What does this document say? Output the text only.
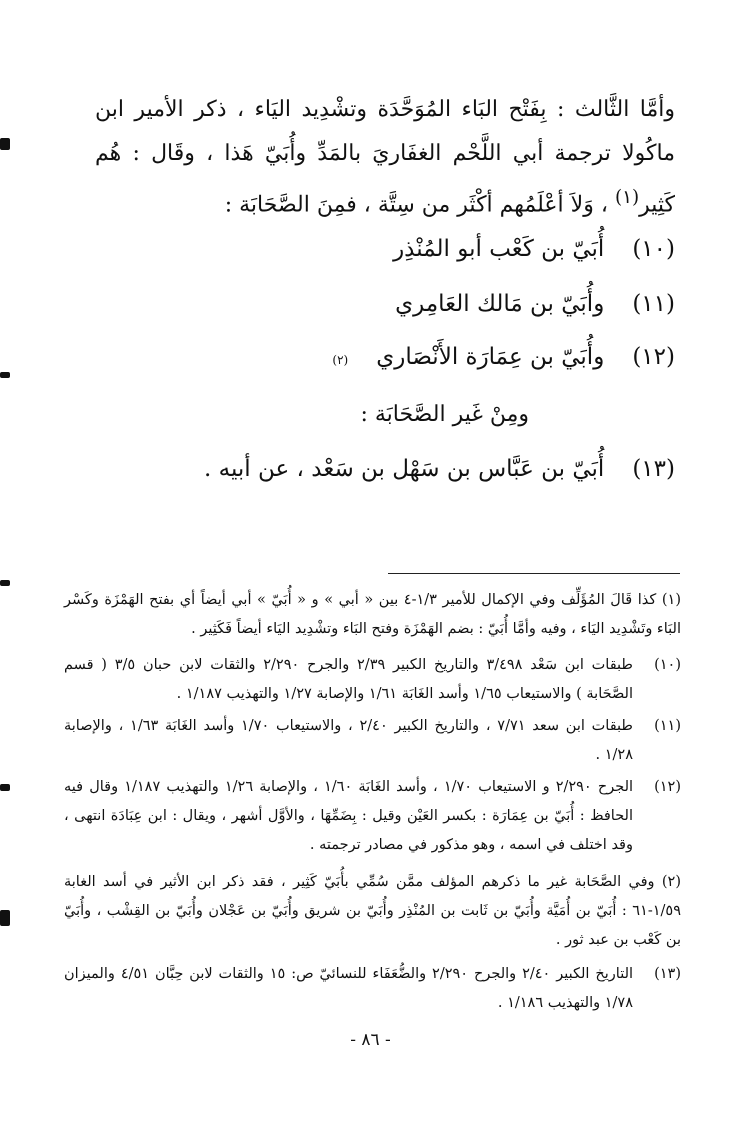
وأمَّا الثَّالث : بِفَتْح البَاء المُوَحَّدَة وتشْدِيد اليَاء ، ذكر الأمير ابن ماكُولا ترجمة أبي اللَّحْم الغفَاريَ بالمَدِّ وأُبَيّ هَذا ، وقَال : هُم كَثِير$^{(١)}$ ، وَلاَ أعْلَمُهم أكْثَر من سِتَّة ، فمِنَ الصَّحَابَة :
(١٠)
أُبَيّ بن كَعْب أبو المُنْذِر
(١١)
وأُبَيّ بن مَالك العَامِري
(١٢)
وأُبَيّ بن عِمَارَة الأَنْصَاري
(٢)
ومِنْ غَير الصَّحَابَة :
(١٣)
أُبَيّ بن عَبَّاس بن سَهْل بن سَعْد ، عن أبيه .
(١) كذا قَالَ المُؤَلِّف وفي الإكمال للأمير ١/٣-٤ بين « أبي » و « أُبَيّ » أبي أيضاً أي بفتح الهَمْزَة وكَسْر البَاء وتَشْدِيد اليَاء ، وفيه وأمَّا أُبَيّ : بضم الهَمْزَة وفتح البَاء وتشْدِيد اليَاء أيضاً فَكَثِير .
(١٠)
طبقات ابن سَعْد ٣/٤٩٨ والتاريخ الكبير ٢/٣٩ والجرح ٢/٢٩٠ والثقات لابن حبان ٣/٥ ( قسم الصَّحَابة ) والاستيعاب ١/٦٥ وأسد الغَابَة ١/٦١ والإصابة ١/٢٧ والتهذيب ١/١٨٧ .
(١١)
طبقات ابن سعد ٧/٧١ ، والتاريخ الكبير ٢/٤٠ ، والاستيعاب ١/٧٠ وأسد الغَابَة ١/٦٣ ، والإصابة ١/٢٨ .
(١٢)
الجرح ٢/٢٩٠ و الاستيعاب ١/٧٠ ، وأسد الغَابَة ١/٦٠ ، والإصابة ١/٢٦ والتهذيب ١/١٨٧ وقال فيه الحافظ : أُبَيّ بن عِمَارَة : بكسر العَيْن وقيل : بِضَمِّهَا ، والأوَّل أشهر ، ويقال : ابن عِبَادَة انتهى ، وقد اختلف في اسمه ، وهو مذكور في مصادر ترجمته .
(٢) وفي الصَّحَابة غير ما ذكرهم المؤلف ممَّن سُمِّي بأُبَيّ كَثِير ، فقد ذكر ابن الأثير في أسد الغابة ١/٥٩-٦١ : أُبَيّ بن أُمَيَّة وأُبَيّ بن ثَابت بن المُنْذِر وأُبَيّ بن شريق وأُبَيّ بن عَجْلان وأُبَيّ بن القِشْب ، وأُبَيّ بن كَعْب بن عبد ثور .
(١٣)
التاريخ الكبير ٢/٤٠ والجرح ٢/٢٩٠ والضُّعَفَاء للنسائيّ ص: ١٥ والثقات لابن حِبَّان ٤/٥١ والميزان ١/٧٨ والتهذيب ١/١٨٦ .
- ٨٦ -
